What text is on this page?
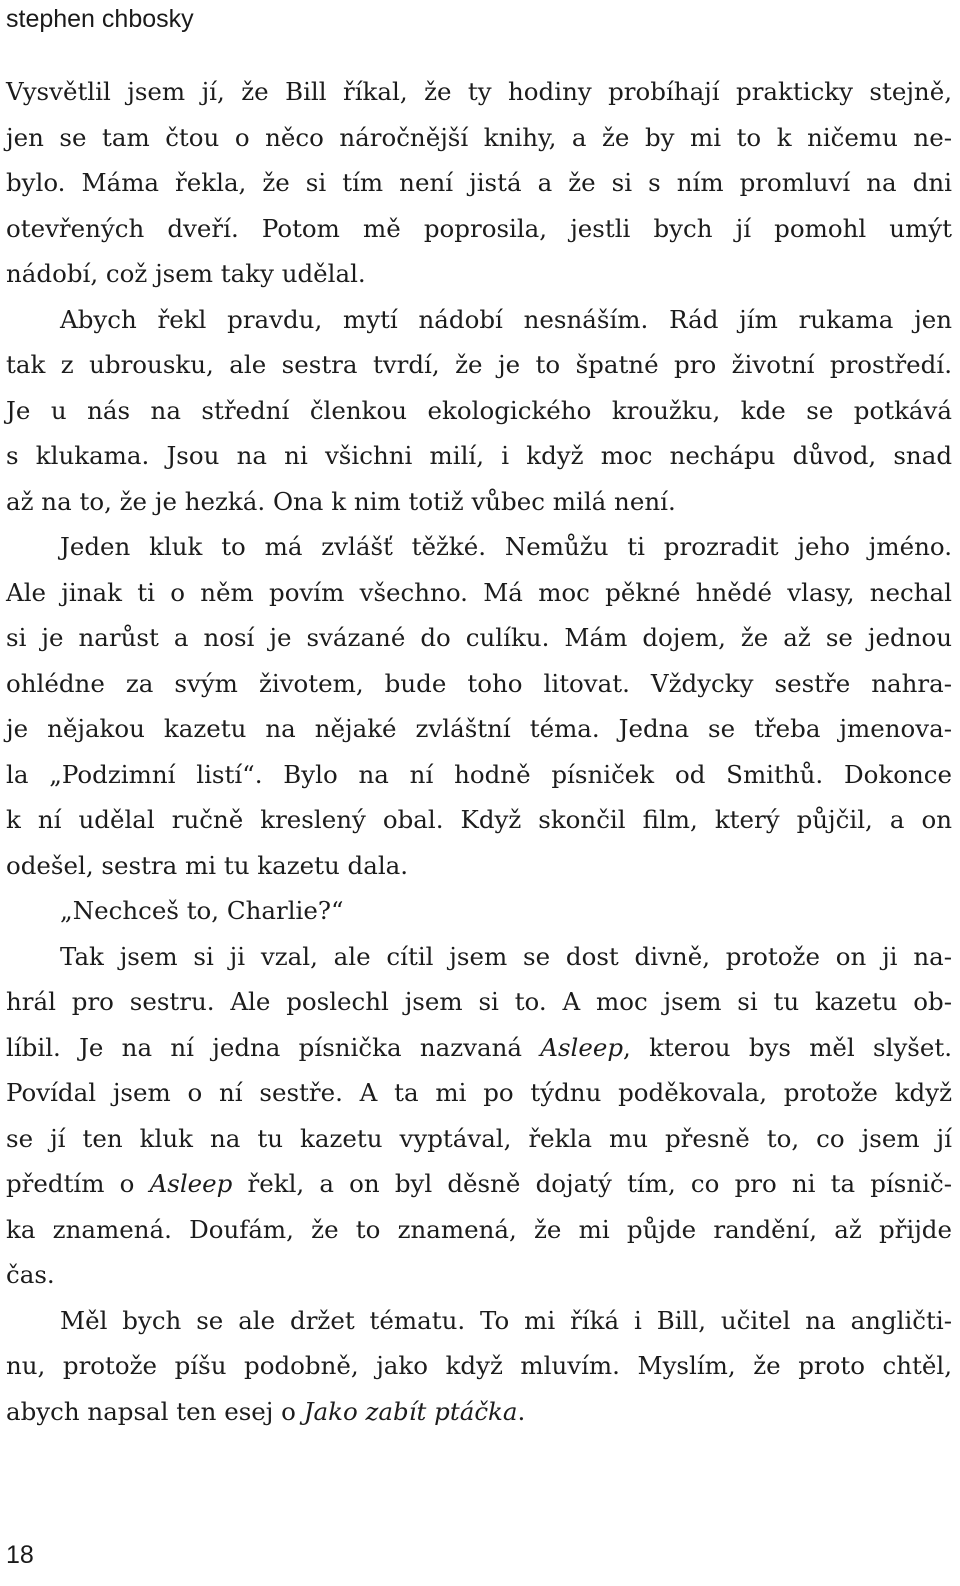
stephen chbosky
Vysvětlil jsem jí, že Bill říkal, že ty hodiny probíhají prakticky stejně,
jen se tam čtou o něco náročnější knihy, a že by mi to k ničemu ne-
bylo. Máma řekla, že si tím není jistá a že si s ním promluví na dni
otevřených dveří. Potom mě poprosila, jestli bych jí pomohl umýt
nádobí, což jsem taky udělal.
Abych řekl pravdu, mytí nádobí nesnáším. Rád jím rukama jen
tak z ubrousku, ale sestra tvrdí, že je to špatné pro životní prostředí.
Je u nás na střední členkou ekologického kroužku, kde se potkává
s klukama. Jsou na ni všichni milí, i když moc nechápu důvod, snad
až na to, že je hezká. Ona k nim totiž vůbec milá není.
Jeden kluk to má zvlášť těžké. Nemůžu ti prozradit jeho jméno.
Ale jinak ti o něm povím všechno. Má moc pěkné hnědé vlasy, nechal
si je narůst a nosí je svázané do culíku. Mám dojem, že až se jednou
ohlédne za svým životem, bude toho litovat. Vždycky sestře nahra-
je nějakou kazetu na nějaké zvláštní téma. Jedna se třeba jmenova-
la „Podzimní listí“. Bylo na ní hodně písniček od Smithů. Dokonce
k ní udělal ručně kreslený obal. Když skončil film, který půjčil, a on
odešel, sestra mi tu kazetu dala.
„Nechceš to, Charlie?“
Tak jsem si ji vzal, ale cítil jsem se dost divně, protože on ji na-
hrál pro sestru. Ale poslechl jsem si to. A moc jsem si tu kazetu ob-
líbil. Je na ní jedna písnička nazvaná Asleep, kterou bys měl slyšet.
Povídal jsem o ní sestře. A ta mi po týdnu poděkovala, protože když
se jí ten kluk na tu kazetu vyptával, řekla mu přesně to, co jsem jí
předtím o Asleep řekl, a on byl děsně dojatý tím, co pro ni ta písnič-
ka znamená. Doufám, že to znamená, že mi půjde randění, až přijde
čas.
Měl bych se ale držet tématu. To mi říká i Bill, učitel na angličti-
nu, protože píšu podobně, jako když mluvím. Myslím, že proto chtěl,
abych napsal ten esej o Jako zabít ptáčka.
18
